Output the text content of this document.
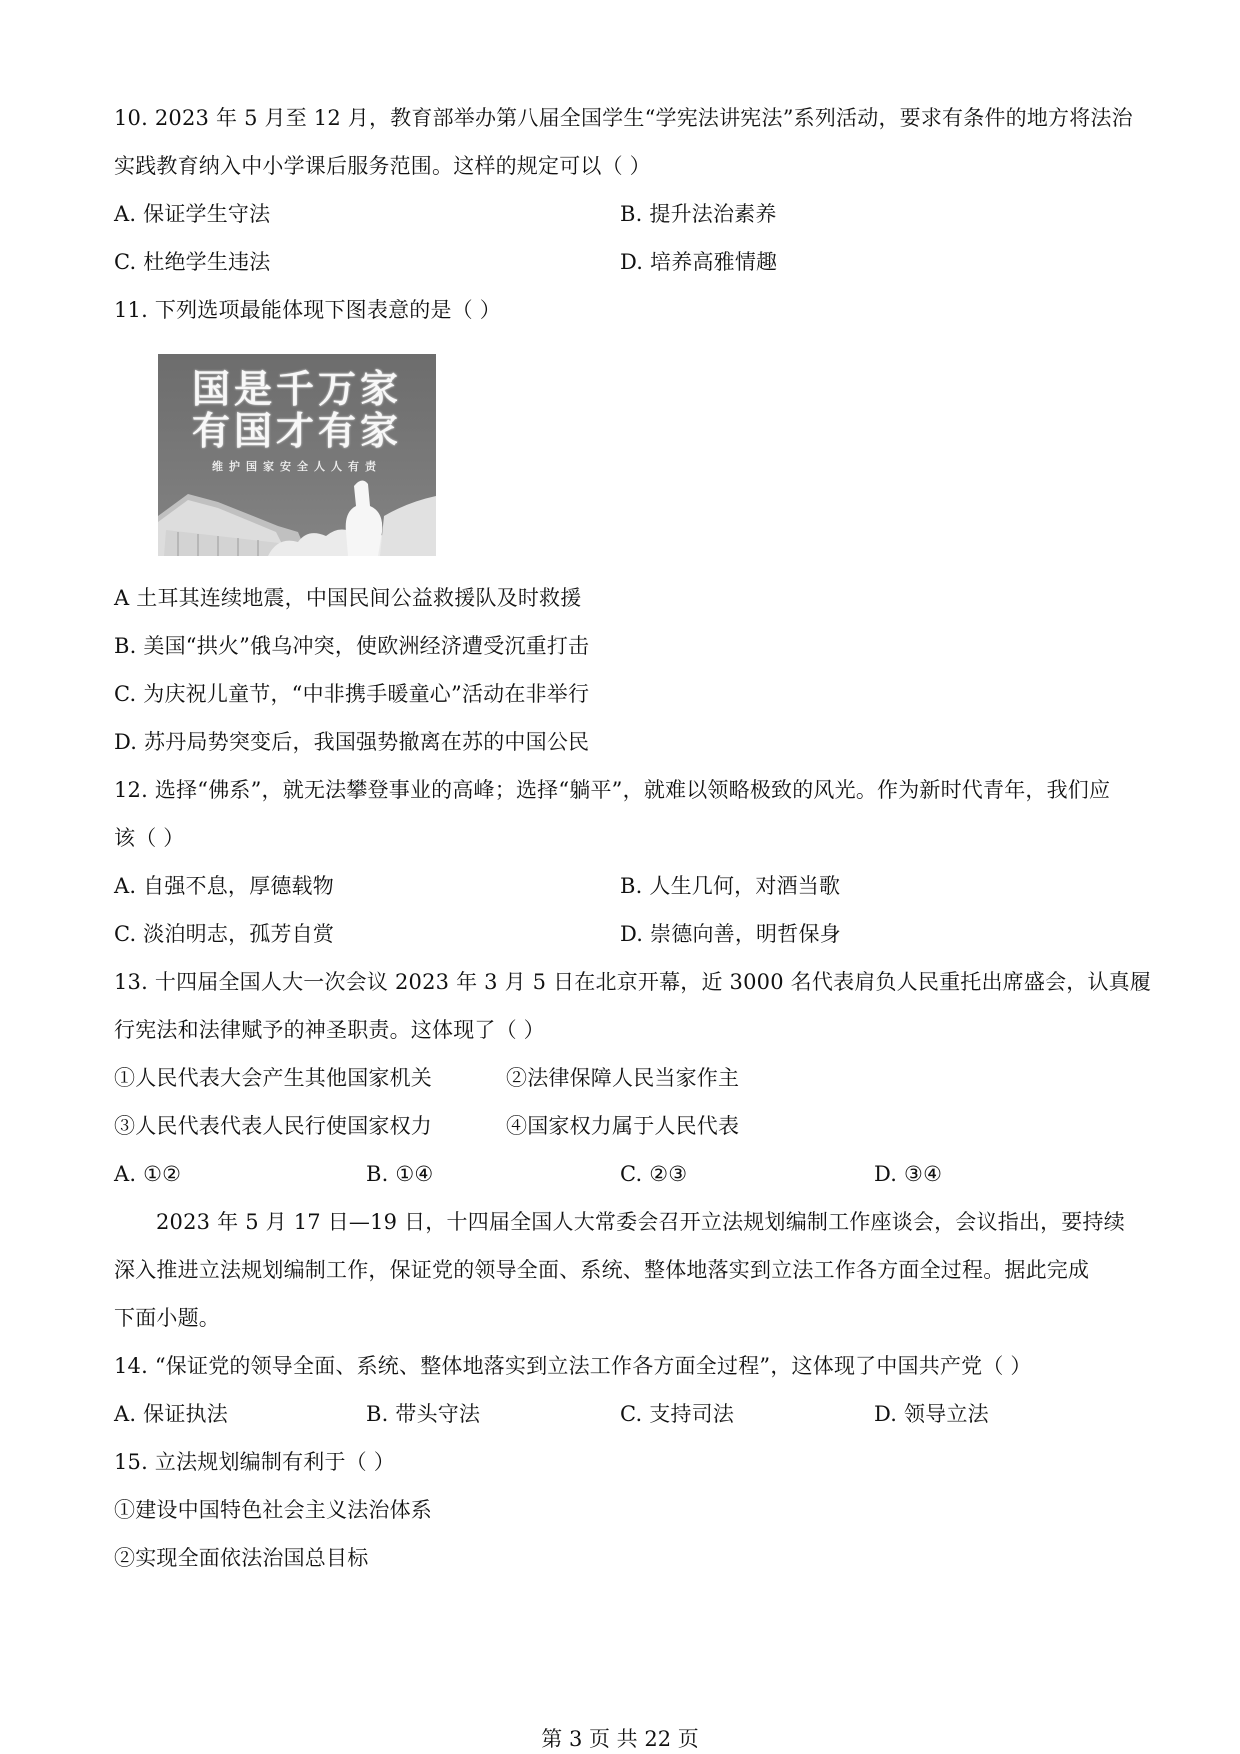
10. 2023 年 5 月至 12 月，教育部举办第八届全国学生“学宪法讲宪法”系列活动，要求有条件的地方将法治
实践教育纳入中小学课后服务范围。这样的规定可以（ ）
A. 保证学生守法	B. 提升法治素养
C. 杜绝学生违法	D. 培养高雅情趣
11. 下列选项最能体现下图表意的是（ ）
国是千万家
有国才有家
维护国家安全人人有责
A 土耳其连续地震，中国民间公益救援队及时救援
B. 美国“拱火”俄乌冲突，使欧洲经济遭受沉重打击
C. 为庆祝儿童节，“中非携手暖童心”活动在非举行
D. 苏丹局势突变后，我国强势撤离在苏的中国公民
12. 选择“佛系”，就无法攀登事业的高峰；选择“躺平”，就难以领略极致的风光。作为新时代青年，我们应
该（ ）
A. 自强不息，厚德载物	B. 人生几何，对酒当歌
C. 淡泊明志，孤芳自赏	D. 崇德向善，明哲保身
13. 十四届全国人大一次会议 2023 年 3 月 5 日在北京开幕，近 3000 名代表肩负人民重托出席盛会，认真履
行宪法和法律赋予的神圣职责。这体现了（ ）
①人民代表大会产生其他国家机关	②法律保障人民当家作主
③人民代表代表人民行使国家权力	④国家权力属于人民代表
A. ①②	B. ①④	C. ②③	D. ③④
2023 年 5 月 17 日—19 日，十四届全国人大常委会召开立法规划编制工作座谈会，会议指出，要持续
深入推进立法规划编制工作，保证党的领导全面、系统、整体地落实到立法工作各方面全过程。据此完成
下面小题。
14. “保证党的领导全面、系统、整体地落实到立法工作各方面全过程”，这体现了中国共产党（ ）
A. 保证执法	B. 带头守法	C. 支持司法	D. 领导立法
15. 立法规划编制有利于（ ）
①建设中国特色社会主义法治体系
②实现全面依法治国总目标
第 3 页 共 22 页
